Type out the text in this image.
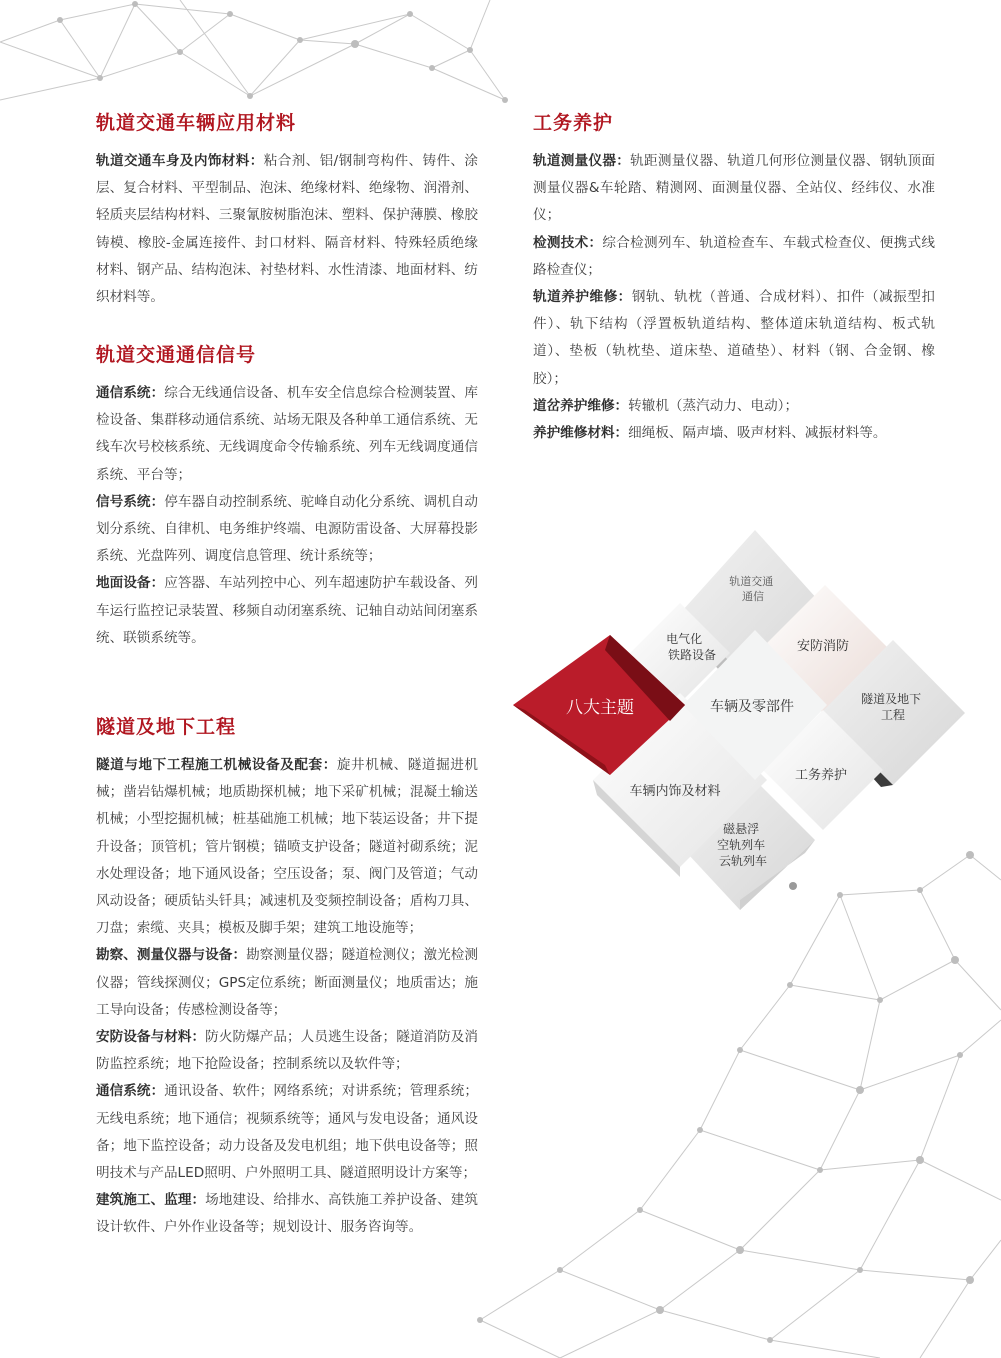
轨道交通车辆应用材料

轨道交通车身及内饰材料：粘合剂、铝/钢制弯构件、铸件、涂层、复合材料、平型制品、泡沫、绝缘材料、绝缘物、润滑剂、轻质夹层结构材料、三聚氰胺树脂泡沫、塑料、保护薄膜、橡胶铸模、橡胶-金属连接件、封口材料、隔音材料、特殊轻质绝缘材料、钢产品、结构泡沫、衬垫材料、水性清漆、地面材料、纺织材料等。

轨道交通通信信号

通信系统：综合无线通信设备、机车安全信息综合检测装置、库检设备、集群移动通信系统、站场无限及各种单工通信系统、无线车次号校核系统、无线调度命令传输系统、列车无线调度通信系统、平台等；

信号系统：停车器自动控制系统、驼峰自动化分系统、调机自动划分系统、自律机、电务维护终端、电源防雷设备、大屏幕投影系统、光盘阵列、调度信息管理、统计系统等；

地面设备：应答器、车站列控中心、列车超速防护车载设备、列车运行监控记录装置、移频自动闭塞系统、记轴自动站间闭塞系统、联锁系统等。

隧道及地下工程

隧道与地下工程施工机械设备及配套：旋井机械、隧道掘进机械；凿岩钻爆机械；地质勘探机械；地下采矿机械；混凝土输送机械；小型挖掘机械；桩基础施工机械；地下装运设备；井下提升设备；顶管机；管片钢模；锚喷支护设备；隧道衬砌系统；泥水处理设备；地下通风设备；空压设备；泵、阀门及管道；气动风动设备；硬质钻头钎具；减速机及变频控制设备；盾构刀具、刀盘；索缆、夹具；模板及脚手架；建筑工地设施等；

勘察、测量仪器与设备：勘察测量仪器；隧道检测仪；激光检测仪器；管线探测仪；GPS定位系统；断面测量仪；地质雷达；施工导向设备；传感检测设备等；

安防设备与材料：防火防爆产品；人员逃生设备；隧道消防及消防监控系统；地下抢险设备；控制系统以及软件等；

通信系统：通讯设备、软件；网络系统；对讲系统；管理系统；无线电系统；地下通信；视频系统等；通风与发电设备；通风设备；地下监控设备；动力设备及发电机组；地下供电设备等；照明技术与产品LED照明、户外照明工具、隧道照明设计方案等；

建筑施工、监理：场地建设、给排水、高铁施工养护设备、建筑设计软件、户外作业设备等；规划设计、服务咨询等。

工务养护

轨道测量仪器：轨距测量仪器、轨道几何形位测量仪器、钢轨顶面测量仪器&车轮踏、精测网、面测量仪器、全站仪、经纬仪、水准仪；

检测技术：综合检测列车、轨道检查车、车载式检查仪、便携式线路检查仪；

轨道养护维修：钢轨、轨枕（普通、合成材料）、扣件（减振型扣件）、轨下结构（浮置板轨道结构、整体道床轨道结构、板式轨道）、垫板（轨枕垫、道床垫、道碴垫）、材料（钢、合金钢、橡胶）；

道岔养护维修：转辙机（蒸汽动力、电动）；

养护维修材料：细绳板、隔声墙、吸声材料、减振材料等。

八大主题	车辆及零部件
车辆内饰及材料
电气化 铁路设备
轨道交通 通信
安防消防
隧道及地下 工程
工务养护
磁悬浮 空轨列车 云轨列车
